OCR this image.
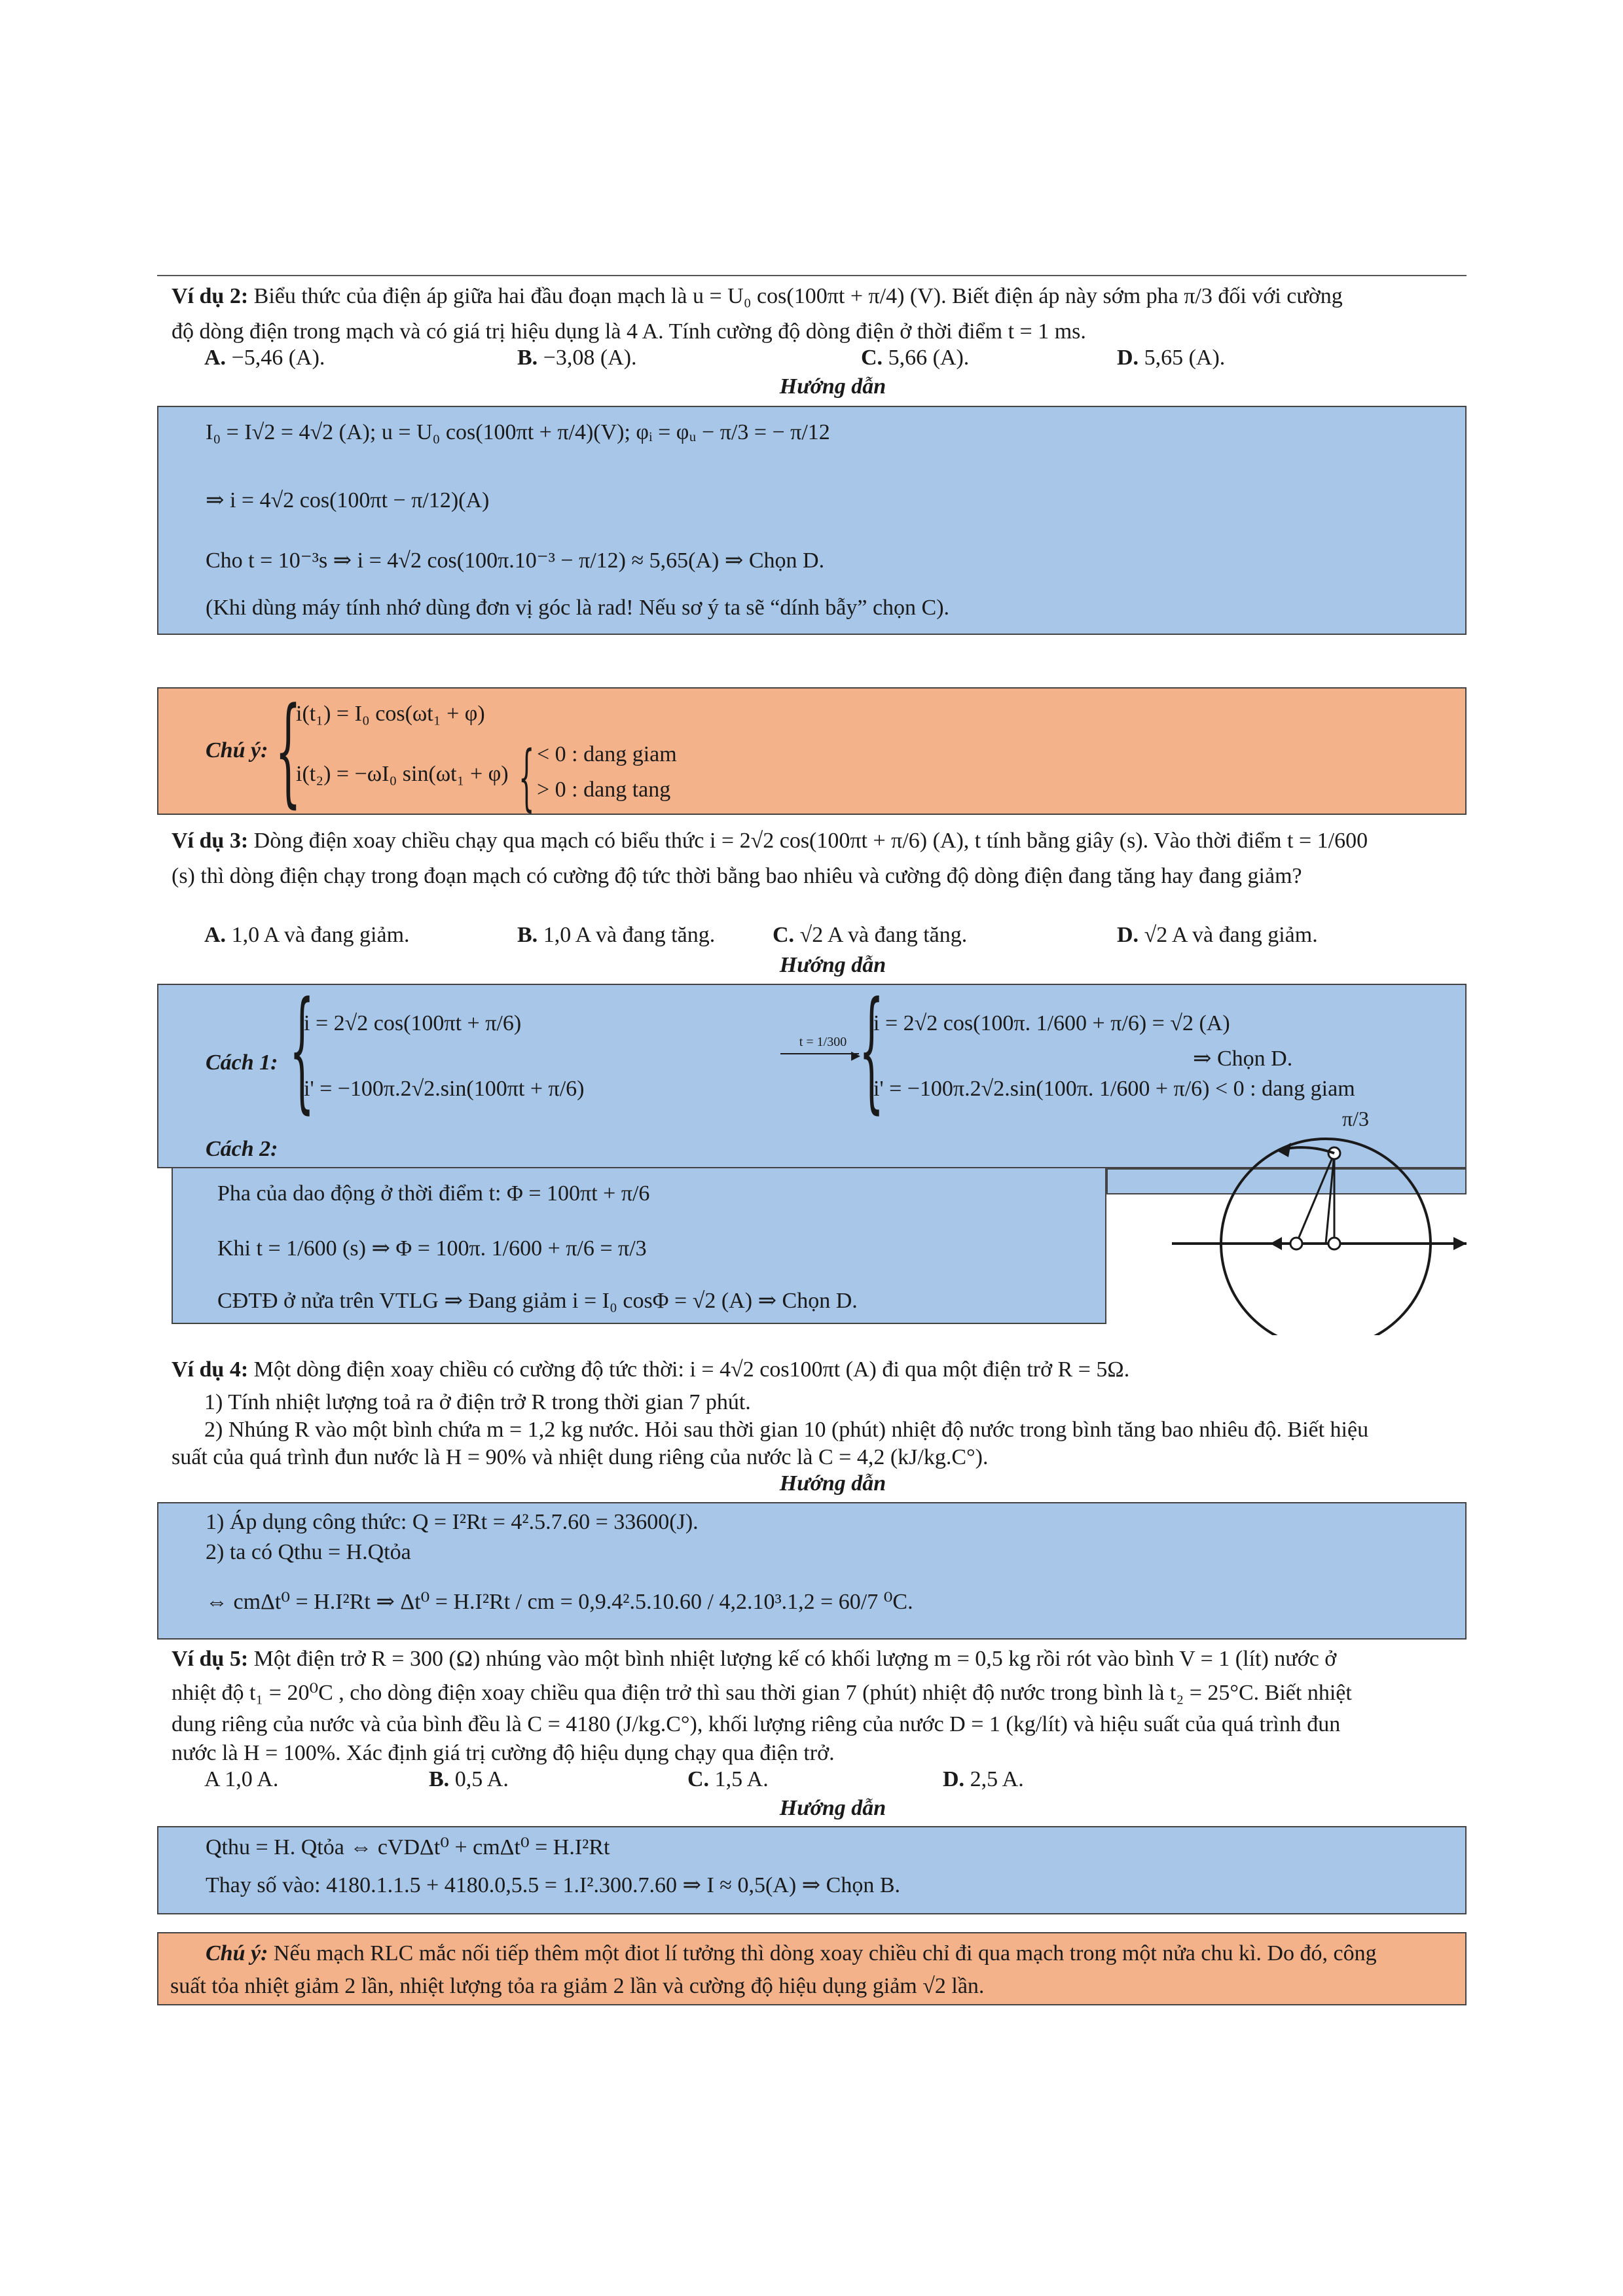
Ví dụ 2: Biểu thức của điện áp giữa hai đầu đoạn mạch là u = U₀ cos(100πt + π/4) (V). Biết điện áp này sớm pha π/3 đối với cường
độ dòng điện trong mạch và có giá trị hiệu dụng là 4 A. Tính cường độ dòng điện ở thời điểm t = 1 ms.
A. −5,46 (A).	B. −3,08 (A).	C. 5,66 (A).	D. 5,65 (A).
Hướng dẫn
I₀ = I√2 = 4√2 (A); u = U₀ cos(100πt + π/4)(V); φᵢ = φᵤ − π/3 = − π/12
⇒ i = 4√2 cos(100πt − π/12)(A)
Cho t = 10⁻³s ⇒ i = 4√2 cos(100π.10⁻³ − π/12) ≈ 5,65(A) ⇒ Chọn D.
(Khi dùng máy tính nhớ dùng đơn vị góc là rad! Nếu sơ ý ta sẽ “dính bẫy” chọn C).
Chú ý: {
i(t₁) = I₀ cos(ωt₁ + φ)
i(t₂) = −ωI₀ sin(ωt₁ + φ) { < 0 : dang giam
> 0 : dang tang
Ví dụ 3: Dòng điện xoay chiều chạy qua mạch có biểu thức i = 2√2 cos(100πt + π/6) (A), t tính bằng giây (s). Vào thời điểm t = 1/600
(s) thì dòng điện chạy trong đoạn mạch có cường độ tức thời bằng bao nhiêu và cường độ dòng điện đang tăng hay đang giảm?
A. 1,0 A và đang giảm.	B. 1,0 A và đang tăng.	C. √2 A và đang tăng.	D. √2 A và đang giảm.
Hướng dẫn
Cách 1: {
i = 2√2 cos(100πt + π/6)
i' = −100π.2√2.sin(100πt + π/6)
t = 1/300
▸
{
i = 2√2 cos(100π. 1/600 + π/6) = √2 (A)
i' = −100π.2√2.sin(100π. 1/600 + π/6) < 0 : dang giam
⇒ Chọn D.
Cách 2:
Pha của dao động ở thời điểm t: Φ = 100πt + π/6
Khi t = 1/600 (s) ⇒ Φ = 100π. 1/600 + π/6 = π/3
CĐTĐ ở nửa trên VTLG ⇒ Đang giảm i = I₀ cosΦ = √2 (A) ⇒ Chọn D.
π/3
Ví dụ 4: Một dòng điện xoay chiều có cường độ tức thời: i = 4√2 cos100πt (A) đi qua một điện trở R = 5Ω.
1) Tính nhiệt lượng toả ra ở điện trở R trong thời gian 7 phút.
2) Nhúng R vào một bình chứa m = 1,2 kg nước. Hỏi sau thời gian 10 (phút) nhiệt độ nước trong bình tăng bao nhiêu độ. Biết hiệu
suất của quá trình đun nước là H = 90% và nhiệt dung riêng của nước là C = 4,2 (kJ/kg.C°).
Hướng dẫn
1) Áp dụng công thức: Q = I²Rt = 4².5.7.60 = 33600(J).
2) ta có Qthu = H.Qtỏa
⇔ cmΔt⁰ = H.I²Rt ⇒ Δt⁰ = H.I²Rt / cm = 0,9.4².5.10.60 / 4,2.10³.1,2 = 60/7 ⁰C.
Ví dụ 5: Một điện trở R = 300 (Ω) nhúng vào một bình nhiệt lượng kế có khối lượng m = 0,5 kg rồi rót vào bình V = 1 (lít) nước ở
nhiệt độ t₁ = 20⁰C , cho dòng điện xoay chiều qua điện trở thì sau thời gian 7 (phút) nhiệt độ nước trong bình là t₂ = 25°C. Biết nhiệt
dung riêng của nước và của bình đều là C = 4180 (J/kg.C°), khối lượng riêng của nước D = 1 (kg/lít) và hiệu suất của quá trình đun
nước là H = 100%. Xác định giá trị cường độ hiệu dụng chạy qua điện trở.
A 1,0 A.	B. 0,5 A.	C. 1,5 A.	D. 2,5 A.
Hướng dẫn
Qthu = H. Qtỏa ⇔ cVDΔt⁰ + cmΔt⁰ = H.I²Rt
Thay số vào: 4180.1.1.5 + 4180.0,5.5 = 1.I².300.7.60 ⇒ I ≈ 0,5(A) ⇒ Chọn B.
Chú ý: Nếu mạch RLC mắc nối tiếp thêm một điot lí tưởng thì dòng xoay chiều chỉ đi qua mạch trong một nửa chu kì. Do đó, công
suất tỏa nhiệt giảm 2 lần, nhiệt lượng tỏa ra giảm 2 lần và cường độ hiệu dụng giảm √2 lần.
